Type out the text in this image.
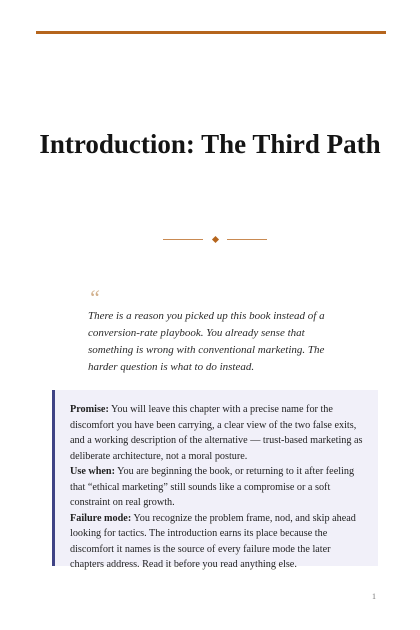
Introduction: The Third Path
“

There is a reason you picked up this book instead of a conversion-rate playbook. You already sense that something is wrong with conventional marketing. The harder question is what to do instead.

Promise: You will leave this chapter with a precise name for the discomfort you have been carrying, a clear view of the two false exits, and a working description of the alternative — trust-based marketing as deliberate architecture, not a moral posture.

Use when: You are beginning the book, or returning to it after feeling that “ethical marketing” still sounds like a compromise or a soft constraint on real growth.

Failure mode: You recognize the problem frame, nod, and skip ahead looking for tactics. The introduction earns its place because the discomfort it names is the source of every failure mode the later chapters address. Read it before you read anything else.

1
